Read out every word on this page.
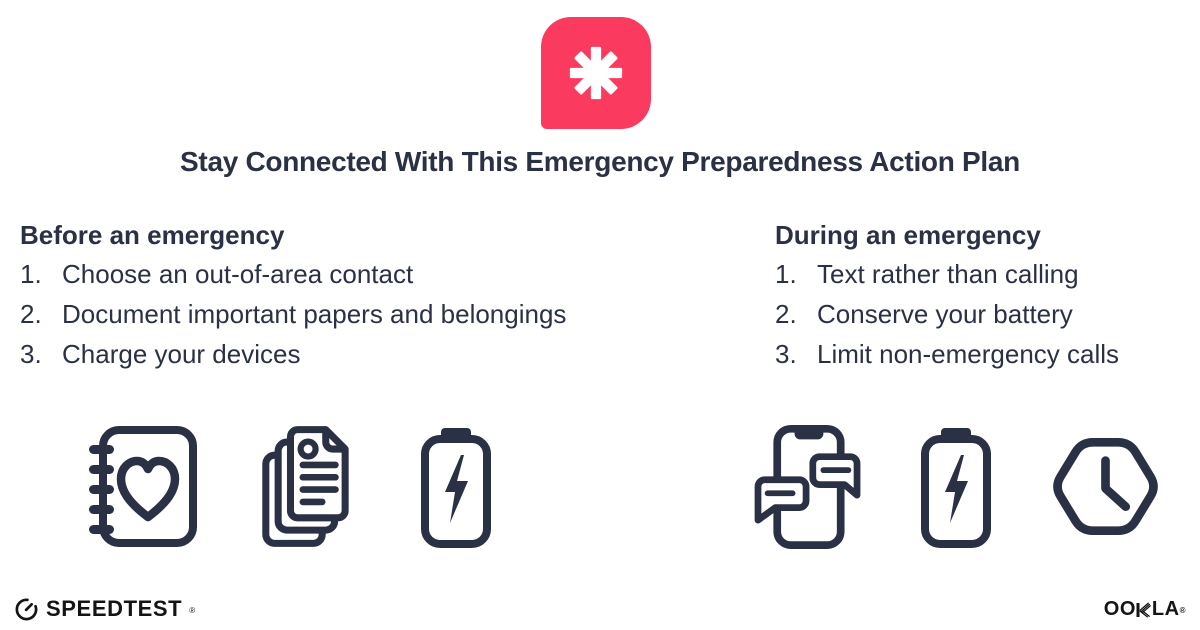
Stay Connected With This Emergency Preparedness Action Plan
Before an emergency
Choose an out-of-area contact
Document important papers and belongings
Charge your devices
During an emergency
Text rather than calling
Conserve your battery
Limit non-emergency calls
SPEEDTEST ®	OO LA®
